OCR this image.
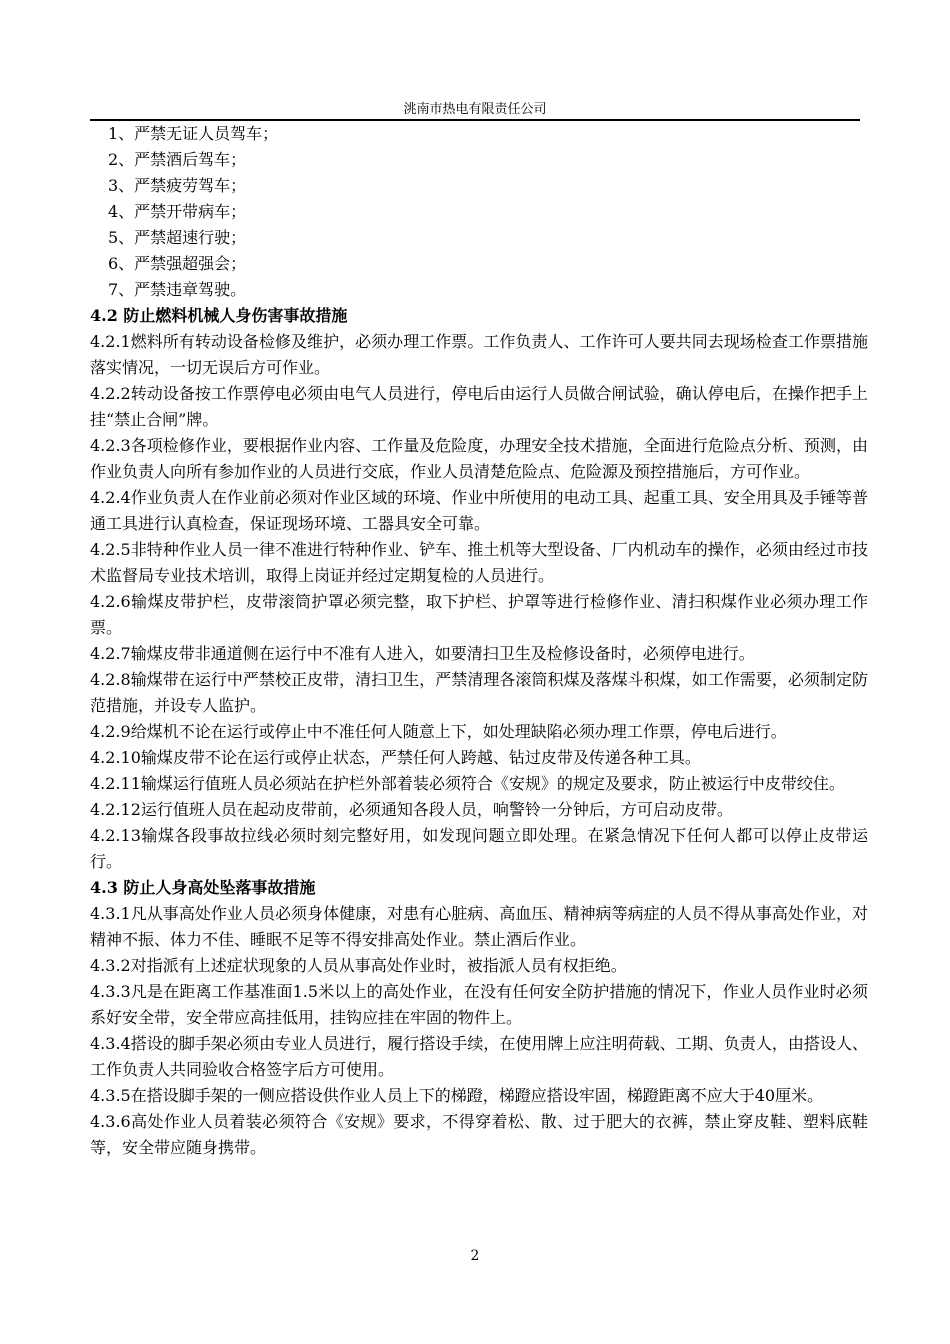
洮南市热电有限责任公司
1、严禁无证人员驾车；
2、严禁酒后驾车；
3、严禁疲劳驾车；
4、严禁开带病车；
5、严禁超速行驶；
6、严禁强超强会；
7、严禁违章驾驶。
4.2 防止燃料机械人身伤害事故措施
4.2.1燃料所有转动设备检修及维护，必须办理工作票。工作负责人、工作许可人要共同去现场检查工作票措施落实情况，一切无误后方可作业。
4.2.2转动设备按工作票停电必须由电气人员进行，停电后由运行人员做合闸试验，确认停电后，在操作把手上挂“禁止合闸”牌。
4.2.3各项检修作业，要根据作业内容、工作量及危险度，办理安全技术措施，全面进行危险点分析、预测，由作业负责人向所有参加作业的人员进行交底，作业人员清楚危险点、危险源及预控措施后，方可作业。
4.2.4作业负责人在作业前必须对作业区域的环境、作业中所使用的电动工具、起重工具、安全用具及手锤等普通工具进行认真检查，保证现场环境、工器具安全可靠。
4.2.5非特种作业人员一律不准进行特种作业、铲车、推土机等大型设备、厂内机动车的操作，必须由经过市技术监督局专业技术培训，取得上岗证并经过定期复检的人员进行。
4.2.6输煤皮带护栏，皮带滚筒护罩必须完整，取下护栏、护罩等进行检修作业、清扫积煤作业必须办理工作票。
4.2.7输煤皮带非通道侧在运行中不准有人进入，如要清扫卫生及检修设备时，必须停电进行。
4.2.8输煤带在运行中严禁校正皮带，清扫卫生，严禁清理各滚筒积煤及落煤斗积煤，如工作需要，必须制定防范措施，并设专人监护。
4.2.9给煤机不论在运行或停止中不准任何人随意上下，如处理缺陷必须办理工作票，停电后进行。
4.2.10输煤皮带不论在运行或停止状态，严禁任何人跨越、钻过皮带及传递各种工具。
4.2.11输煤运行值班人员必须站在护栏外部着装必须符合《安规》的规定及要求，防止被运行中皮带绞住。
4.2.12运行值班人员在起动皮带前，必须通知各段人员，响警铃一分钟后，方可启动皮带。
4.2.13输煤各段事故拉线必须时刻完整好用，如发现问题立即处理。在紧急情况下任何人都可以停止皮带运行。
4.3 防止人身高处坠落事故措施
4.3.1凡从事高处作业人员必须身体健康，对患有心脏病、高血压、精神病等病症的人员不得从事高处作业，对精神不振、体力不佳、睡眠不足等不得安排高处作业。禁止酒后作业。
4.3.2对指派有上述症状现象的人员从事高处作业时，被指派人员有权拒绝。
4.3.3凡是在距离工作基准面1.5米以上的高处作业，在没有任何安全防护措施的情况下，作业人员作业时必须系好安全带，安全带应高挂低用，挂钩应挂在牢固的物件上。
4.3.4搭设的脚手架必须由专业人员进行，履行搭设手续，在使用牌上应注明荷载、工期、负责人，由搭设人、工作负责人共同验收合格签字后方可使用。
4.3.5在搭设脚手架的一侧应搭设供作业人员上下的梯蹬，梯蹬应搭设牢固，梯蹬距离不应大于40厘米。
4.3.6高处作业人员着装必须符合《安规》要求，不得穿着松、散、过于肥大的衣裤，禁止穿皮鞋、塑料底鞋等，安全带应随身携带。
2
